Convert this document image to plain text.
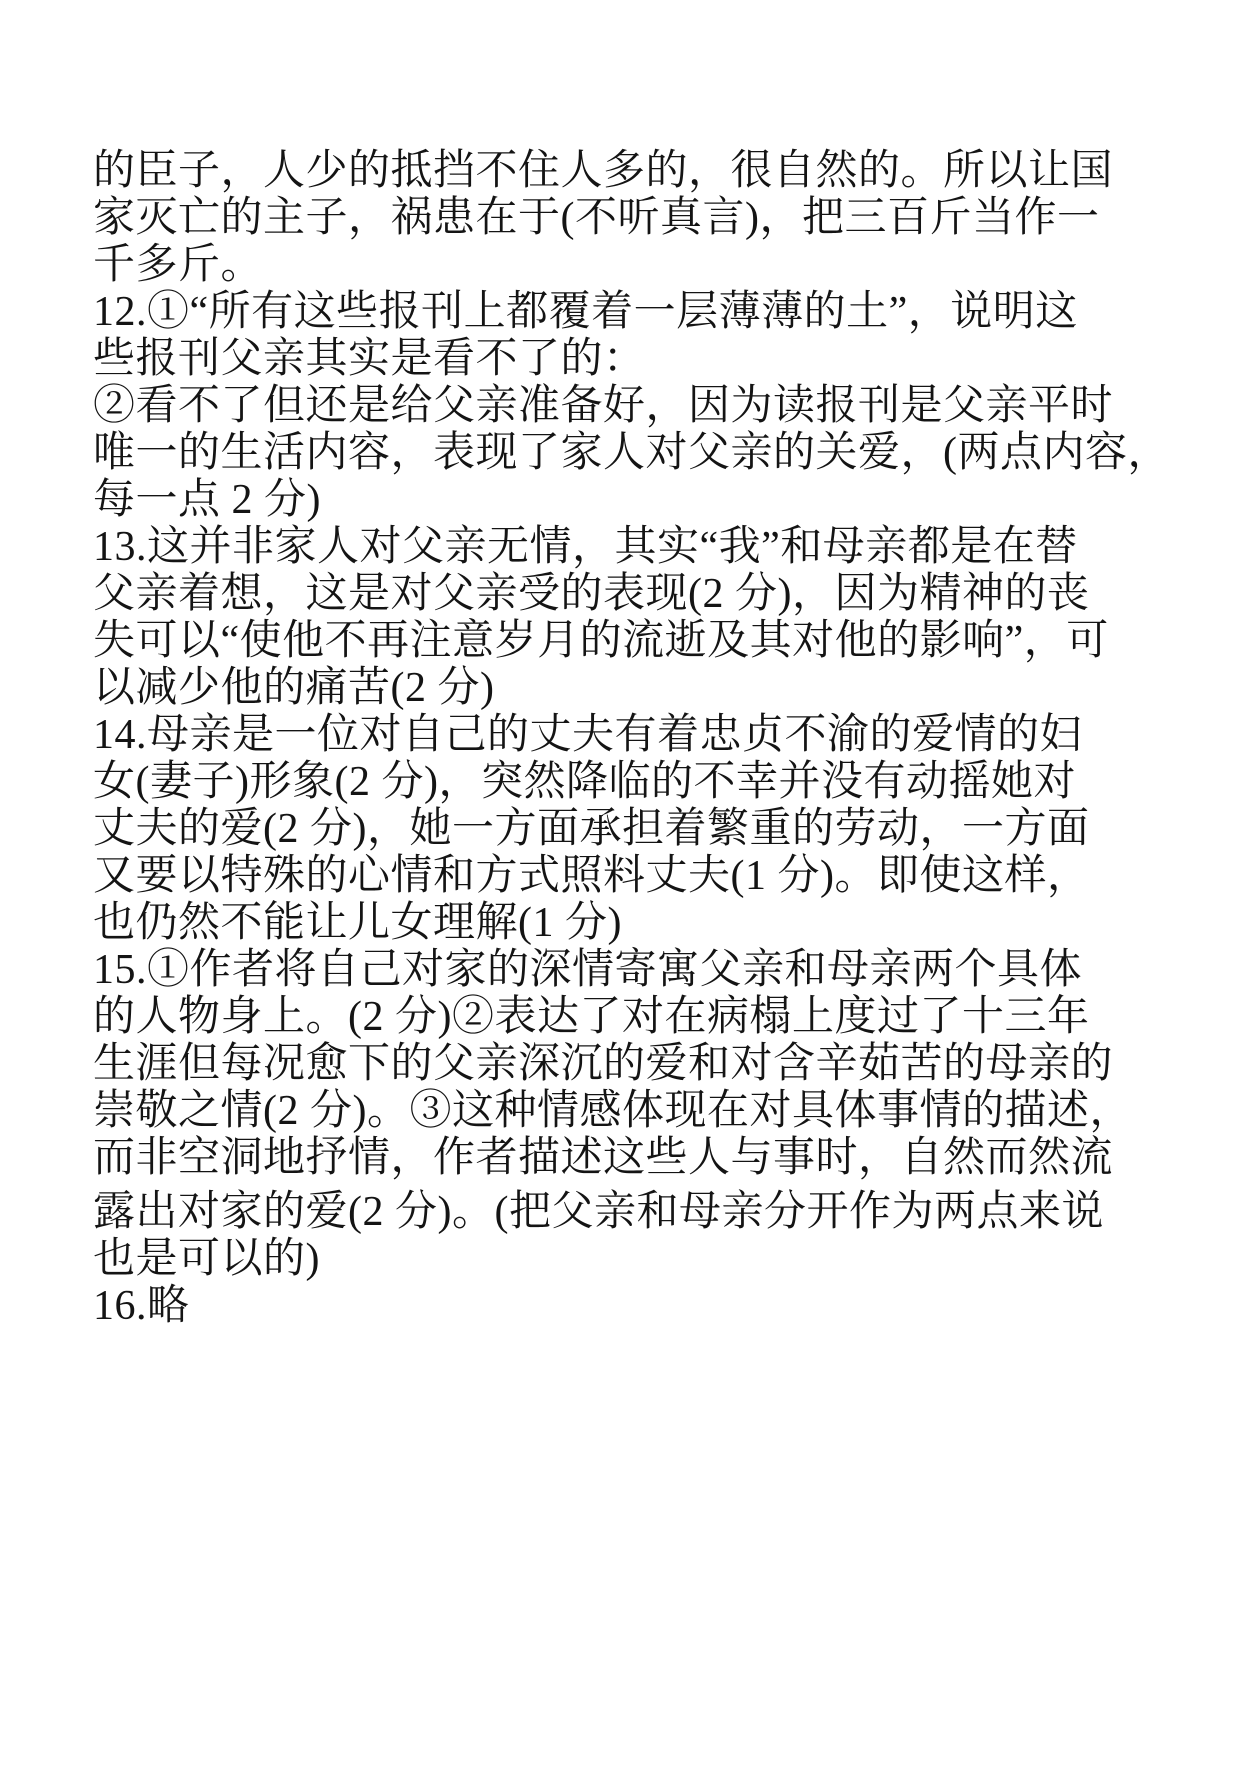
的臣子，人少的抵挡不住人多的，很自然的。所以让国
家灭亡的主子，祸患在于(不听真言)，把三百斤当作一
千多斤。
12.①“所有这些报刊上都覆着一层薄薄的土”，说明这
些报刊父亲其实是看不了的：
②看不了但还是给父亲准备好，因为读报刊是父亲平时
唯一的生活内容，表现了家人对父亲的关爱，(两点内容，
每一点 2 分)
13.这并非家人对父亲无情，其实“我”和母亲都是在替
父亲着想，这是对父亲受的表现(2 分)，因为精神的丧
失可以“使他不再注意岁月的流逝及其对他的影响”，可
以减少他的痛苦(2 分)
14.母亲是一位对自己的丈夫有着忠贞不渝的爱情的妇
女(妻子)形象(2 分)，突然降临的不幸并没有动摇她对
丈夫的爱(2 分)，她一方面承担着繁重的劳动，一方面
又要以特殊的心情和方式照料丈夫(1 分)。即使这样，
也仍然不能让儿女理解(1 分)
15.①作者将自己对家的深情寄寓父亲和母亲两个具体
的人物身上。(2 分)②表达了对在病榻上度过了十三年
生涯但每况愈下的父亲深沉的爱和对含辛茹苦的母亲的
崇敬之情(2 分)。③这种情感体现在对具体事情的描述，
而非空洞地抒情，作者描述这些人与事时，自然而然流
露出对家的爱(2 分)。(把父亲和母亲分开作为两点来说
也是可以的)
16.略
